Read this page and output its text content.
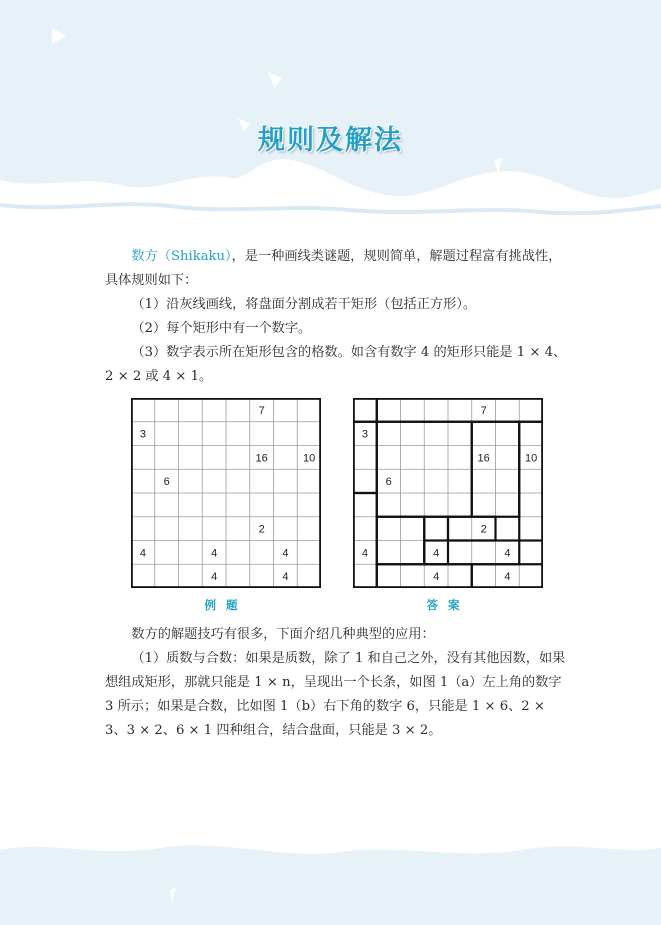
规则及解法

数方（Shikaku），是一种画线类谜题，规则简单，解题过程富有挑战性，具体规则如下：

（1）沿灰线画线，将盘面分割成若干矩形（包括正方形）。

（2）每个矩形中有一个数字。

（3）数字表示所在矩形包含的格数。如含有数字 4 的矩形只能是 1 × 4、2 × 2 或 4 × 1。

7
3
16	10
6
2
4	4	4
4	4
7
3
16	10
6
2
4	4	4
4	4
例题	答案

数方的解题技巧有很多，下面介绍几种典型的应用：

（1）质数与合数：如果是质数，除了 1 和自己之外，没有其他因数，如果想组成矩形，那就只能是 1 × n，呈现出一个长条，如图 1（a）左上角的数字 3 所示；如果是合数，比如图 1（b）右下角的数字 6，只能是 1 × 6、2 × 3、3 × 2、6 × 1 四种组合，结合盘面，只能是 3 × 2。
